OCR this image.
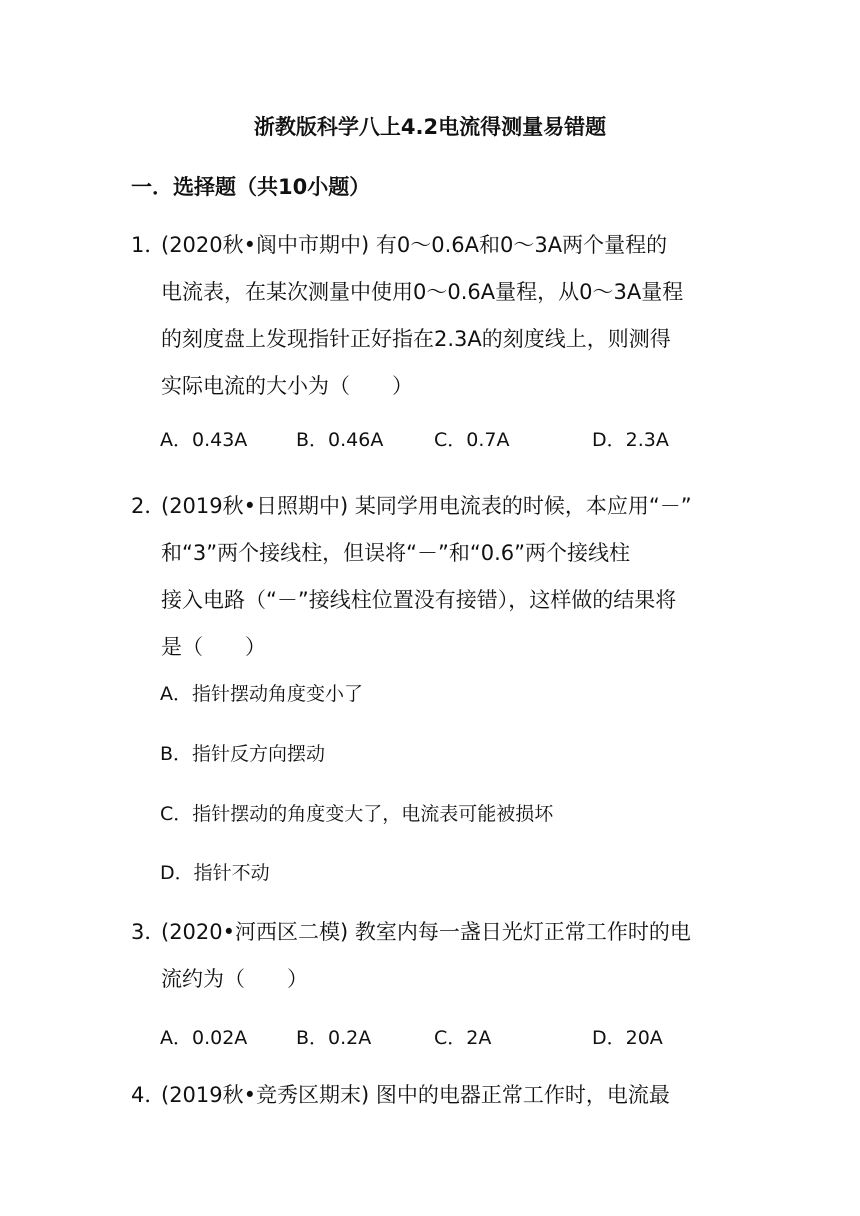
浙教版科学八上4.2电流得测量易错题
一．选择题（共10小题）
1．(2020秋•阆中市期中) 有0～0.6A和0～3A两个量程的
电流表，在某次测量中使用0～0.6A量程，从0～3A量程
的刻度盘上发现指针正好指在2.3A的刻度线上，则测得
实际电流的大小为（　　）
A．0.43A	B．0.46A	C．0.7A	D．2.3A
2．(2019秋•日照期中) 某同学用电流表的时候，本应用“－”
和“3”两个接线柱，但误将“－”和“0.6”两个接线柱
接入电路（“－”接线柱位置没有接错），这样做的结果将
是（　　）
A．指针摆动角度变小了
B．指针反方向摆动
C．指针摆动的角度变大了，电流表可能被损坏
D．指针不动
3．(2020•河西区二模) 教室内每一盏日光灯正常工作时的电
流约为（　　）
A．0.02A	B．0.2A	C．2A	D．20A
4．(2019秋•竞秀区期末) 图中的电器正常工作时，电流最
